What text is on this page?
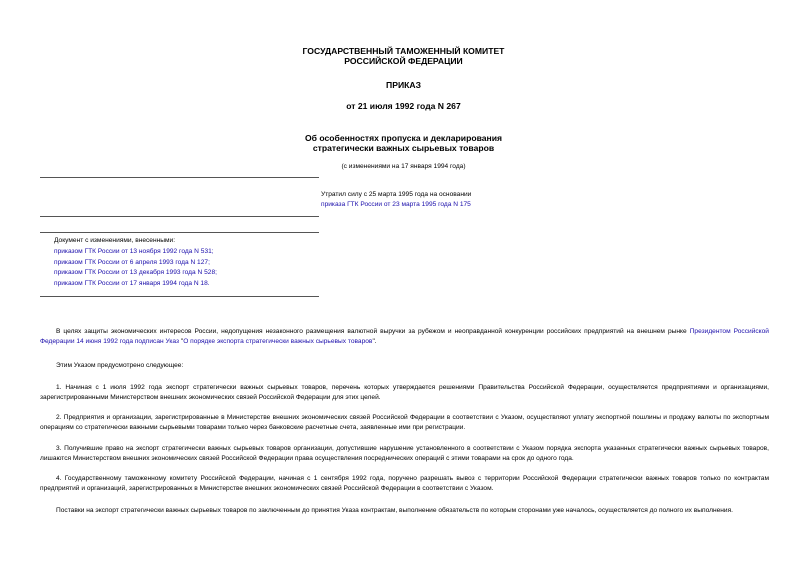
ГОСУДАРСТВЕННЫЙ ТАМОЖЕННЫЙ КОМИТЕТ
РОССИЙСКОЙ ФЕДЕРАЦИИ
ПРИКАЗ
от 21 июля 1992 года N 267
Об особенностях пропуска и декларирования
стратегически важных сырьевых товаров
(с изменениями на 17 января 1994 года)
Утратил силу с 25 марта 1995 года на основании
приказа ГТК России от 23 марта 1995 года N 175
Документ с изменениями, внесенными:
приказом ГТК России от 13 ноября 1992 года N 531;
приказом ГТК России от 6 апреля 1993 года N 127;
приказом ГТК России от 13 декабря 1993 года N 528;
приказом ГТК России от 17 января 1994 года N 18.
В целях защиты экономических интересов России, недопущения незаконного размещения валютной выручки за рубежом и неоправданной конкуренции российских предприятий на внешнем рынке Президентом Российской Федерации 14 июня 1992 года подписан Указ "О порядке экспорта стратегически важных сырьевых товаров".
Этим Указом предусмотрено следующее:
1. Начиная с 1 июля 1992 года экспорт стратегически важных сырьевых товаров, перечень которых утверждается решениями Правительства Российской Федерации, осуществляется предприятиями и организациями, зарегистрированными Министерством внешних экономических связей Российской Федерации для этих целей.
2. Предприятия и организации, зарегистрированные в Министерстве внешних экономических связей Российской Федерации в соответствии с Указом, осуществляют уплату экспортной пошлины и продажу валюты по экспортным операциям со стратегически важными сырьевыми товарами только через банковские расчетные счета, заявленные ими при регистрации.
3. Получившие право на экспорт стратегически важных сырьевых товаров организации, допустившие нарушение установленного в соответствии с Указом порядка экспорта указанных стратегически важных сырьевых товаров, лишаются Министерством внешних экономических связей Российской Федерации права осуществления посреднических операций с этими товарами на срок до одного года.
4. Государственному таможенному комитету Российской Федерации, начиная с 1 сентября 1992 года, поручено разрешать вывоз с территории Российской Федерации стратегически важных товаров только по контрактам предприятий и организаций, зарегистрированных в Министерстве внешних экономических связей Российской Федерации в соответствии с Указом.
Поставки на экспорт стратегически важных сырьевых товаров по заключенным до принятия Указа контрактам, выполнение обязательств по которым сторонами уже началось, осуществляется до полного их выполнения.
